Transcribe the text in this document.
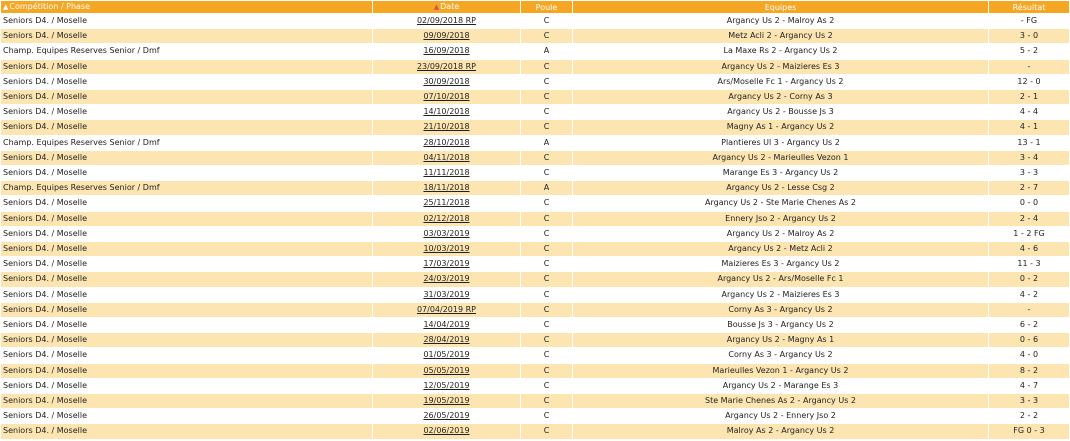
▲Compétition / Phase	▲Date	Poule	Equipes	Résultat
Seniors D4. / Moselle	02/09/2018 RP	C	Argancy Us 2 - Malroy As 2	- FG
Seniors D4. / Moselle	09/09/2018	C	Metz Acli 2 - Argancy Us 2	3 - 0
Champ. Equipes Reserves Senior / Dmf	16/09/2018	A	La Maxe Rs 2 - Argancy Us 2	5 - 2
Seniors D4. / Moselle	23/09/2018 RP	C	Argancy Us 2 - Maizieres Es 3	-
Seniors D4. / Moselle	30/09/2018	C	Ars/Moselle Fc 1 - Argancy Us 2	12 - 0
Seniors D4. / Moselle	07/10/2018	C	Argancy Us 2 - Corny As 3	2 - 1
Seniors D4. / Moselle	14/10/2018	C	Argancy Us 2 - Bousse Js 3	4 - 4
Seniors D4. / Moselle	21/10/2018	C	Magny As 1 - Argancy Us 2	4 - 1
Champ. Equipes Reserves Senior / Dmf	28/10/2018	A	Plantieres Ul 3 - Argancy Us 2	13 - 1
Seniors D4. / Moselle	04/11/2018	C	Argancy Us 2 - Marieulles Vezon 1	3 - 4
Seniors D4. / Moselle	11/11/2018	C	Marange Es 3 - Argancy Us 2	3 - 3
Champ. Equipes Reserves Senior / Dmf	18/11/2018	A	Argancy Us 2 - Lesse Csg 2	2 - 7
Seniors D4. / Moselle	25/11/2018	C	Argancy Us 2 - Ste Marie Chenes As 2	0 - 0
Seniors D4. / Moselle	02/12/2018	C	Ennery Jso 2 - Argancy Us 2	2 - 4
Seniors D4. / Moselle	03/03/2019	C	Argancy Us 2 - Malroy As 2	1 - 2 FG
Seniors D4. / Moselle	10/03/2019	C	Argancy Us 2 - Metz Acli 2	4 - 6
Seniors D4. / Moselle	17/03/2019	C	Maizieres Es 3 - Argancy Us 2	11 - 3
Seniors D4. / Moselle	24/03/2019	C	Argancy Us 2 - Ars/Moselle Fc 1	0 - 2
Seniors D4. / Moselle	31/03/2019	C	Argancy Us 2 - Maizieres Es 3	4 - 2
Seniors D4. / Moselle	07/04/2019 RP	C	Corny As 3 - Argancy Us 2	-
Seniors D4. / Moselle	14/04/2019	C	Bousse Js 3 - Argancy Us 2	6 - 2
Seniors D4. / Moselle	28/04/2019	C	Argancy Us 2 - Magny As 1	0 - 6
Seniors D4. / Moselle	01/05/2019	C	Corny As 3 - Argancy Us 2	4 - 0
Seniors D4. / Moselle	05/05/2019	C	Marieulles Vezon 1 - Argancy Us 2	8 - 2
Seniors D4. / Moselle	12/05/2019	C	Argancy Us 2 - Marange Es 3	4 - 7
Seniors D4. / Moselle	19/05/2019	C	Ste Marie Chenes As 2 - Argancy Us 2	3 - 3
Seniors D4. / Moselle	26/05/2019	C	Argancy Us 2 - Ennery Jso 2	2 - 2
Seniors D4. / Moselle	02/06/2019	C	Malroy As 2 - Argancy Us 2	FG 0 - 3
